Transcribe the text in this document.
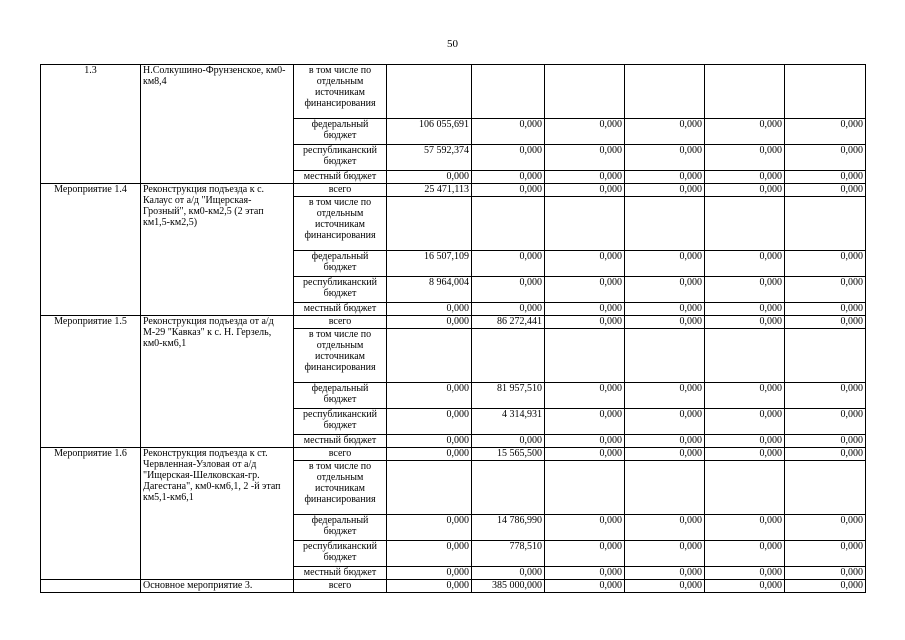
50
1.3	Н.Солкушино-Фрунзенское, км0-км8,4	в том числе по отдельным источникам финансирования						
		федеральный бюджет	106 055,691	0,000	0,000	0,000	0,000	0,000
		республиканский бюджет	57 592,374	0,000	0,000	0,000	0,000	0,000
		местный бюджет	0,000	0,000	0,000	0,000	0,000	0,000
Мероприятие 1.4	Реконструкция подъезда к с. Калаус от а/д "Ищерская-Грозный", км0-км2,5 (2 этап км1,5-км2,5)	всего	25 471,113	0,000	0,000	0,000	0,000	0,000
		в том числе по отдельным источникам финансирования						
		федеральный бюджет	16 507,109	0,000	0,000	0,000	0,000	0,000
		республиканский бюджет	8 964,004	0,000	0,000	0,000	0,000	0,000
		местный бюджет	0,000	0,000	0,000	0,000	0,000	0,000
Мероприятие 1.5	Реконструкция подъезда от а/д М-29 "Кавказ" к с. Н. Герзель, км0-км6,1	всего	0,000	86 272,441	0,000	0,000	0,000	0,000
		в том числе по отдельным источникам финансирования						
		федеральный бюджет	0,000	81 957,510	0,000	0,000	0,000	0,000
		республиканский бюджет	0,000	4 314,931	0,000	0,000	0,000	0,000
		местный бюджет	0,000	0,000	0,000	0,000	0,000	0,000
Мероприятие 1.6	Реконструкция подъезда к ст. Червленная-Узловая от а/д "Ищерская-Шелковская-гр. Дагестана", км0-км6,1, 2 -й этап км5,1-км6,1	всего	0,000	15 565,500	0,000	0,000	0,000	0,000
		в том числе по отдельным источникам финансирования						
		федеральный бюджет	0,000	14 786,990	0,000	0,000	0,000	0,000
		республиканский бюджет	0,000	778,510	0,000	0,000	0,000	0,000
		местный бюджет	0,000	0,000	0,000	0,000	0,000	0,000
	Основное мероприятие 3.	всего	0,000	385 000,000	0,000	0,000	0,000	0,000
